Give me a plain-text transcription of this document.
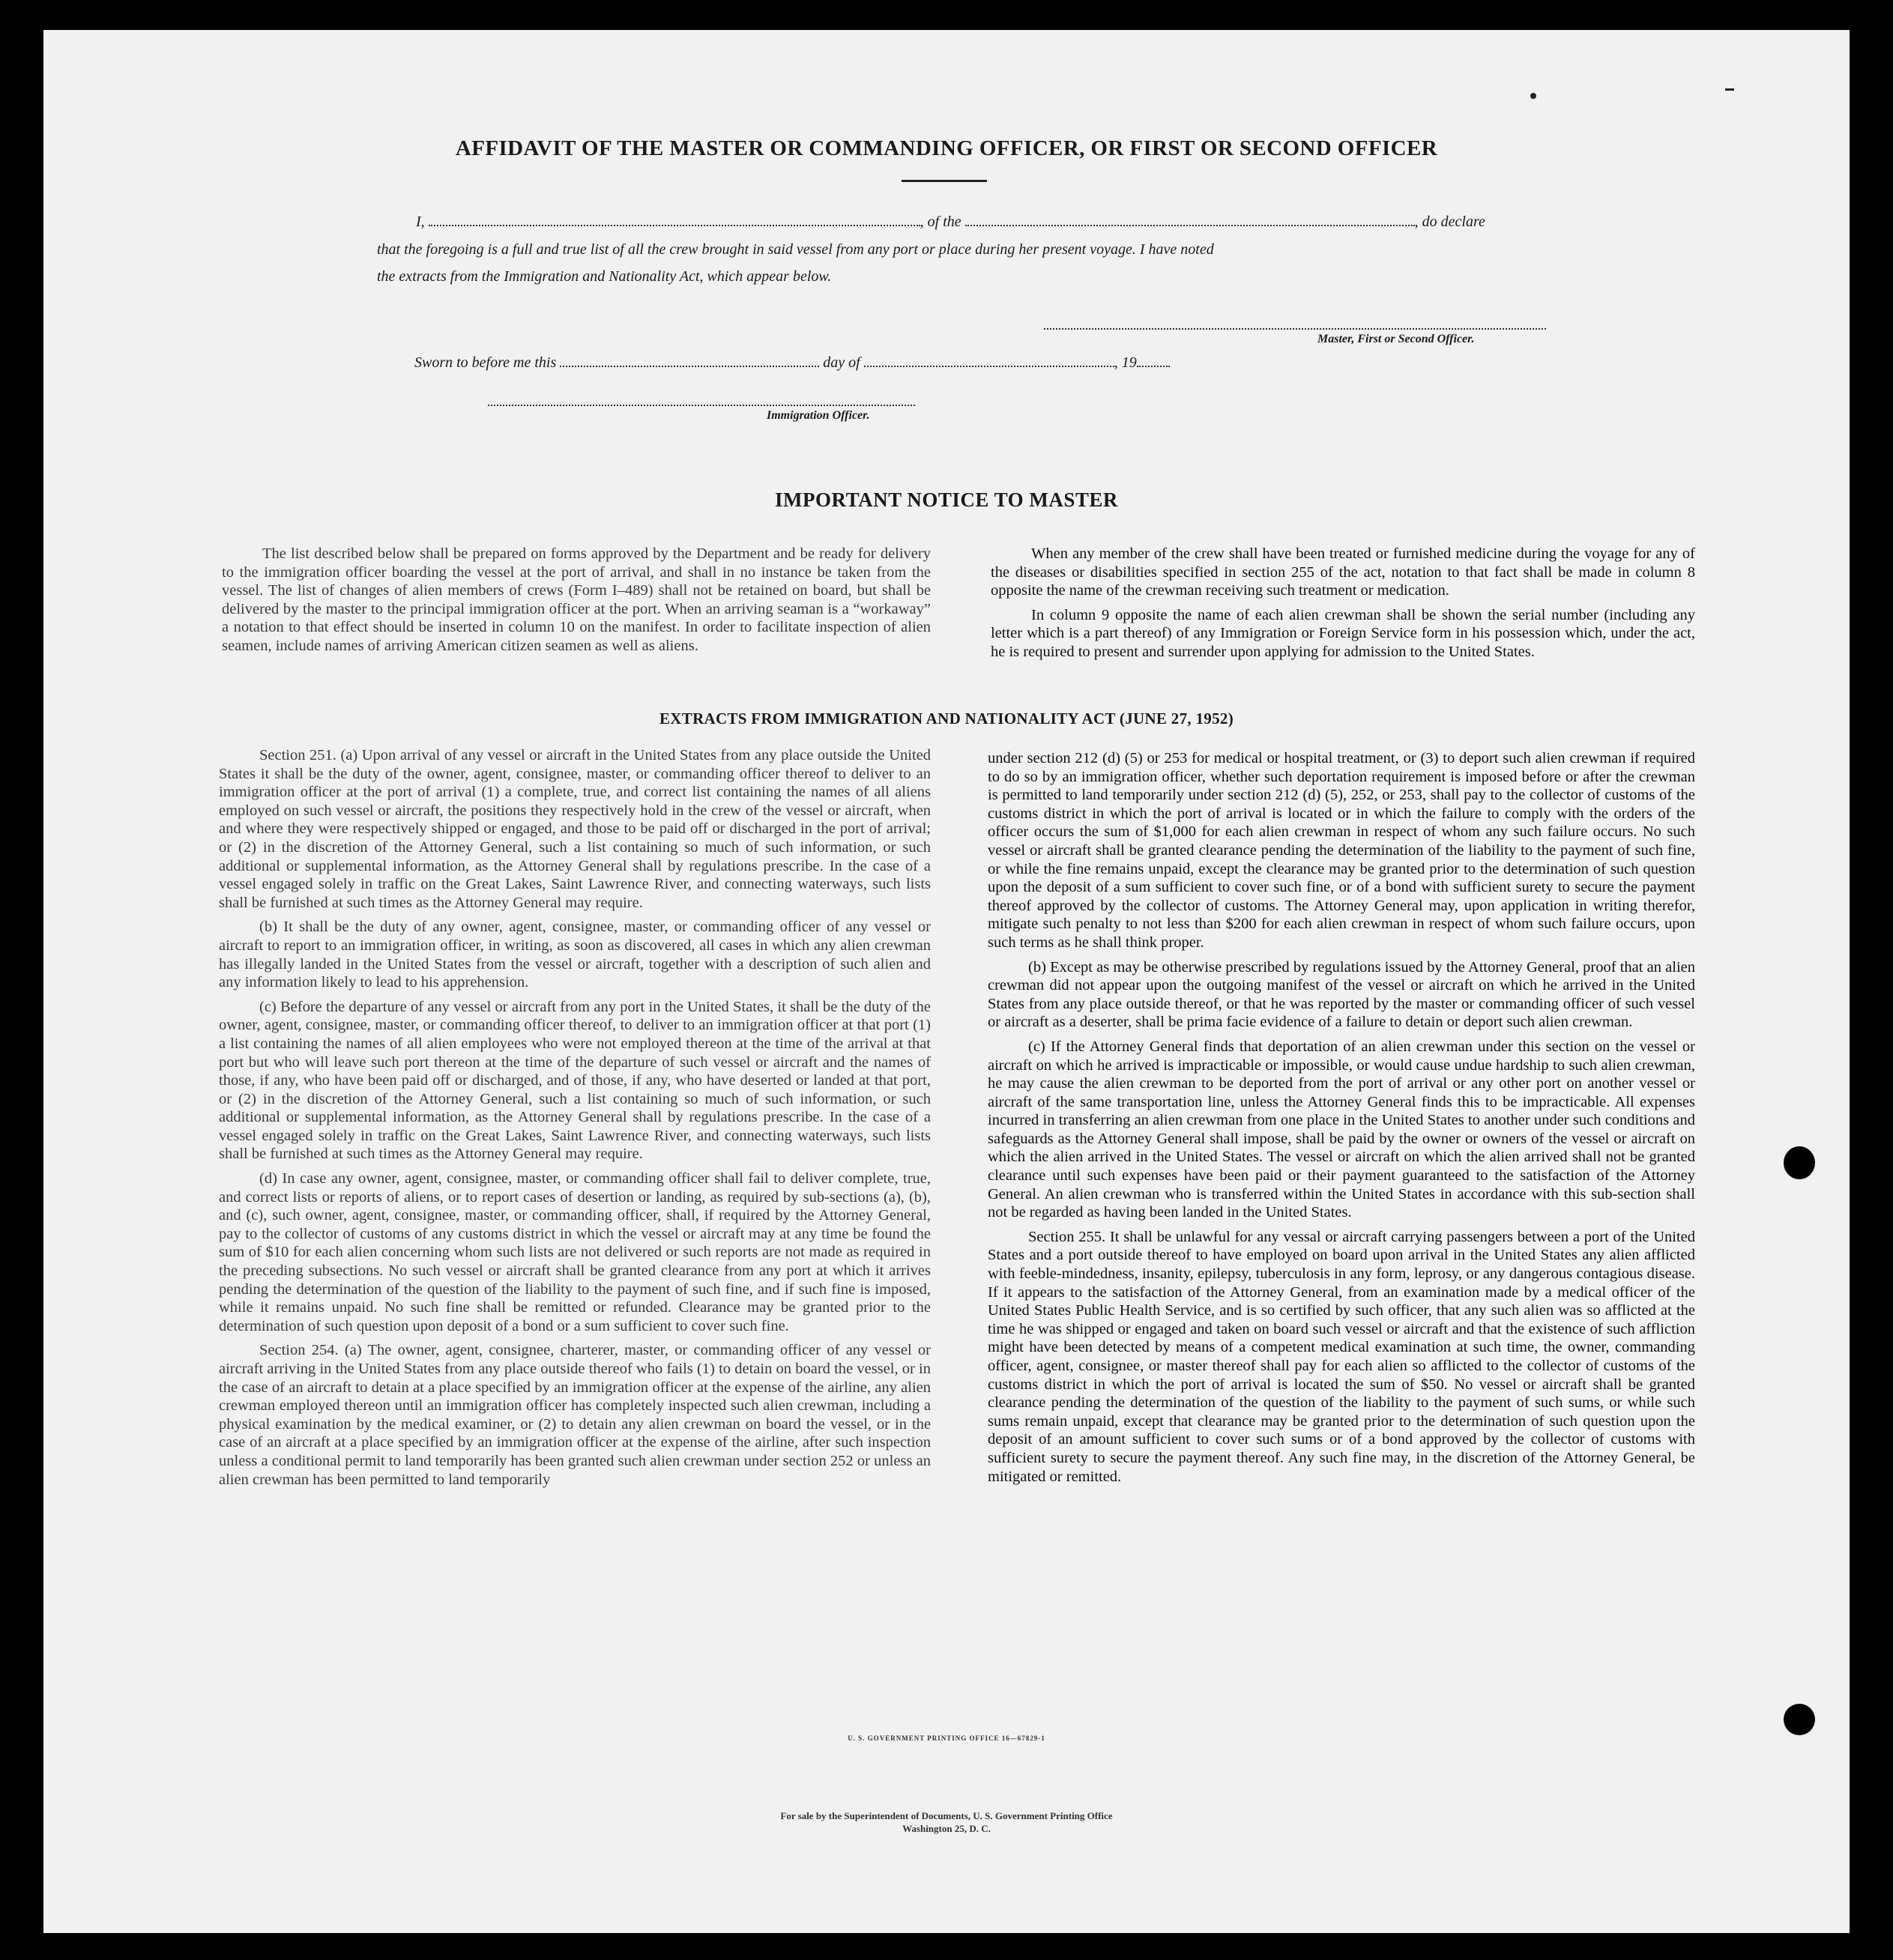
AFFIDAVIT OF THE MASTER OR COMMANDING OFFICER, OR FIRST OR SECOND OFFICER
I,	, of the	, do declare
that the foregoing is a full and true list of all the crew brought in said vessel from any port or place during her present voyage. I have noted
the extracts from the Immigration and Nationality Act, which appear below.
Master, First or Second Officer.
Sworn to before me this	day of	, 19
Immigration Officer.
IMPORTANT NOTICE TO MASTER

The list described below shall be prepared on forms approved by the Department and be ready for delivery to the immigration officer boarding the vessel at the port of arrival, and shall in no instance be taken from the vessel. The list of changes of alien members of crews (Form I–489) shall not be retained on board, but shall be delivered by the master to the principal immigration officer at the port. When an arriving seaman is a “workaway” a notation to that effect should be inserted in column 10 on the manifest. In order to facilitate inspection of alien seamen, include names of arriving American citizen seamen as well as aliens.

When any member of the crew shall have been treated or furnished medicine during the voyage for any of the diseases or disabilities specified in section 255 of the act, notation to that fact shall be made in column 8 opposite the name of the crewman receiving such treatment or medication.

In column 9 opposite the name of each alien crewman shall be shown the serial number (including any letter which is a part thereof) of any Immigration or Foreign Service form in his possession which, under the act, he is required to present and surrender upon applying for admission to the United States.

EXTRACTS FROM IMMIGRATION AND NATIONALITY ACT (JUNE 27, 1952)

Section 251. (a) Upon arrival of any vessel or aircraft in the United States from any place outside the United States it shall be the duty of the owner, agent, consignee, master, or commanding officer thereof to deliver to an immigration officer at the port of arrival (1) a complete, true, and correct list containing the names of all aliens employed on such vessel or aircraft, the positions they respectively hold in the crew of the vessel or aircraft, when and where they were respectively shipped or engaged, and those to be paid off or discharged in the port of arrival; or (2) in the discretion of the Attorney General, such a list containing so much of such information, or such additional or supplemental information, as the Attorney General shall by regulations prescribe. In the case of a vessel engaged solely in traffic on the Great Lakes, Saint Lawrence River, and connecting waterways, such lists shall be furnished at such times as the Attorney General may require.

(b) It shall be the duty of any owner, agent, consignee, master, or commanding officer of any vessel or aircraft to report to an immigration officer, in writing, as soon as discovered, all cases in which any alien crewman has illegally landed in the United States from the vessel or aircraft, together with a description of such alien and any information likely to lead to his apprehension.

(c) Before the departure of any vessel or aircraft from any port in the United States, it shall be the duty of the owner, agent, consignee, master, or commanding officer thereof, to deliver to an immigration officer at that port (1) a list containing the names of all alien employees who were not employed thereon at the time of the arrival at that port but who will leave such port thereon at the time of the departure of such vessel or aircraft and the names of those, if any, who have been paid off or discharged, and of those, if any, who have deserted or landed at that port, or (2) in the discretion of the Attorney General, such a list containing so much of such information, or such additional or supplemental information, as the Attorney General shall by regulations prescribe. In the case of a vessel engaged solely in traffic on the Great Lakes, Saint Lawrence River, and connecting waterways, such lists shall be furnished at such times as the Attorney General may require.

(d) In case any owner, agent, consignee, master, or commanding officer shall fail to deliver complete, true, and correct lists or reports of aliens, or to report cases of desertion or landing, as required by sub-sections (a), (b), and (c), such owner, agent, consignee, master, or commanding officer, shall, if required by the Attorney General, pay to the collector of customs of any customs district in which the vessel or aircraft may at any time be found the sum of $10 for each alien concerning whom such lists are not delivered or such reports are not made as required in the preceding subsections. No such vessel or aircraft shall be granted clearance from any port at which it arrives pending the determination of the question of the liability to the payment of such fine, and if such fine is imposed, while it remains unpaid. No such fine shall be remitted or refunded. Clearance may be granted prior to the determination of such question upon deposit of a bond or a sum sufficient to cover such fine.

Section 254. (a) The owner, agent, consignee, charterer, master, or commanding officer of any vessel or aircraft arriving in the United States from any place outside thereof who fails (1) to detain on board the vessel, or in the case of an aircraft to detain at a place specified by an immigration officer at the expense of the airline, any alien crewman employed thereon until an immigration officer has completely inspected such alien crewman, including a physical examination by the medical examiner, or (2) to detain any alien crewman on board the vessel, or in the case of an aircraft at a place specified by an immigration officer at the expense of the airline, after such inspection unless a conditional permit to land temporarily has been granted such alien crewman under section 252 or unless an alien crewman has been permitted to land temporarily

under section 212 (d) (5) or 253 for medical or hospital treatment, or (3) to deport such alien crewman if required to do so by an immigration officer, whether such deportation requirement is imposed before or after the crewman is permitted to land temporarily under section 212 (d) (5), 252, or 253, shall pay to the collector of customs of the customs district in which the port of arrival is located or in which the failure to comply with the orders of the officer occurs the sum of $1,000 for each alien crewman in respect of whom any such failure occurs. No such vessel or aircraft shall be granted clearance pending the determination of the liability to the payment of such fine, or while the fine remains unpaid, except the clearance may be granted prior to the determination of such question upon the deposit of a sum sufficient to cover such fine, or of a bond with sufficient surety to secure the payment thereof approved by the collector of customs. The Attorney General may, upon application in writing therefor, mitigate such penalty to not less than $200 for each alien crewman in respect of whom such failure occurs, upon such terms as he shall think proper.

(b) Except as may be otherwise prescribed by regulations issued by the Attorney General, proof that an alien crewman did not appear upon the outgoing manifest of the vessel or aircraft on which he arrived in the United States from any place outside thereof, or that he was reported by the master or commanding officer of such vessel or aircraft as a deserter, shall be prima facie evidence of a failure to detain or deport such alien crewman.

(c) If the Attorney General finds that deportation of an alien crewman under this section on the vessel or aircraft on which he arrived is impracticable or impossible, or would cause undue hardship to such alien crewman, he may cause the alien crewman to be deported from the port of arrival or any other port on another vessel or aircraft of the same transportation line, unless the Attorney General finds this to be impracticable. All expenses incurred in transferring an alien crewman from one place in the United States to another under such conditions and safeguards as the Attorney General shall impose, shall be paid by the owner or owners of the vessel or aircraft on which the alien arrived in the United States. The vessel or aircraft on which the alien arrived shall not be granted clearance until such expenses have been paid or their payment guaranteed to the satisfaction of the Attorney General. An alien crewman who is transferred within the United States in accordance with this sub-section shall not be regarded as having been landed in the United States.

Section 255. It shall be unlawful for any vessal or aircraft carrying passengers between a port of the United States and a port outside thereof to have employed on board upon arrival in the United States any alien afflicted with feeble-mindedness, insanity, epilepsy, tuberculosis in any form, leprosy, or any dangerous contagious disease. If it appears to the satisfaction of the Attorney General, from an examination made by a medical officer of the United States Public Health Service, and is so certified by such officer, that any such alien was so afflicted at the time he was shipped or engaged and taken on board such vessel or aircraft and that the existence of such affliction might have been detected by means of a competent medical examination at such time, the owner, commanding officer, agent, consignee, or master thereof shall pay for each alien so afflicted to the collector of customs of the customs district in which the port of arrival is located the sum of $50. No vessel or aircraft shall be granted clearance pending the determination of the question of the liability to the payment of such sums, or while such sums remain unpaid, except that clearance may be granted prior to the determination of such question upon the deposit of an amount sufficient to cover such sums or of a bond approved by the collector of customs with sufficient surety to secure the payment thereof. Any such fine may, in the discretion of the Attorney General, be mitigated or remitted.

U. S. GOVERNMENT PRINTING OFFICE 16—67829-1
For sale by the Superintendent of Documents, U. S. Government Printing Office
Washington 25, D. C.
